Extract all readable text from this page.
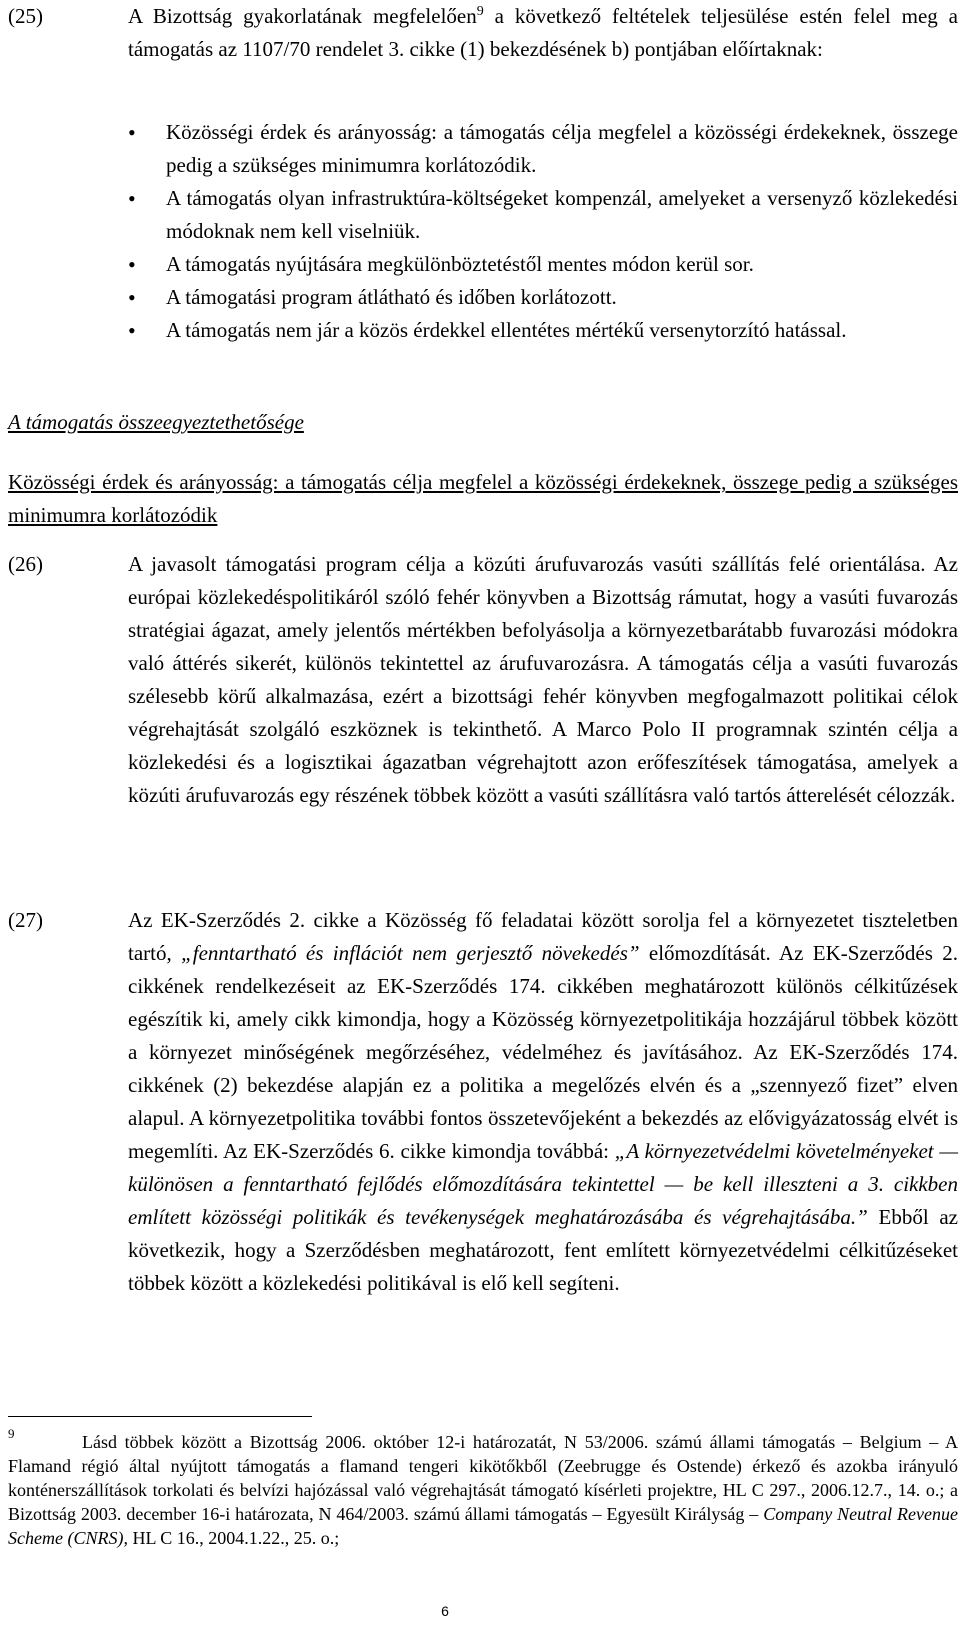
(25)	A Bizottság gyakorlatának megfelelően$^9$ a következő feltételek teljesülése estén felel meg a támogatás az 1107/70 rendelet 3. cikke (1) bekezdésének b) pontjában előírtaknak:

• Közösségi érdek és arányosság: a támogatás célja megfelel a közösségi érdekeknek, összege pedig a szükséges minimumra korlátozódik.
• A támogatás olyan infrastruktúra-költségeket kompenzál, amelyeket a versenyző közlekedési módoknak nem kell viselniük.
• A támogatás nyújtására megkülönböztetéstől mentes módon kerül sor.
• A támogatási program átlátható és időben korlátozott.
• A támogatás nem jár a közös érdekkel ellentétes mértékű versenytorzító hatással.
A támogatás összeegyeztethetősége
Közösségi érdek és arányosság: a támogatás célja megfelel a közösségi érdekeknek, összege pedig a szükséges minimumra korlátozódik
(26)	A javasolt támogatási program célja a közúti árufuvarozás vasúti szállítás felé orientálása. Az európai közlekedéspolitikáról szóló fehér könyvben a Bizottság rámutat, hogy a vasúti fuvarozás stratégiai ágazat, amely jelentős mértékben befolyásolja a környezetbarátabb fuvarozási módokra való áttérés sikerét, különös tekintettel az árufuvarozásra. A támogatás célja a vasúti fuvarozás szélesebb körű alkalmazása, ezért a bizottsági fehér könyvben megfogalmazott politikai célok végrehajtását szolgáló eszköznek is tekinthető. A Marco Polo II programnak szintén célja a közlekedési és a logisztikai ágazatban végrehajtott azon erőfeszítések támogatása, amelyek a közúti árufuvarozás egy részének többek között a vasúti szállításra való tartós átterelését célozzák.

(27)	Az EK-Szerződés 2. cikke a Közösség fő feladatai között sorolja fel a környezetet tiszteletben tartó, „fenntartható és inflációt nem gerjesztő növekedés” előmozdítását. Az EK-Szerződés 2. cikkének rendelkezéseit az EK-Szerződés 174. cikkében meghatározott különös célkitűzések egészítik ki, amely cikk kimondja, hogy a Közösség környezetpolitikája hozzájárul többek között a környezet minőségének megőrzéséhez, védelméhez és javításához. Az EK-Szerződés 174. cikkének (2) bekezdése alapján ez a politika a megelőzés elvén és a „szennyező fizet” elven alapul. A környezetpolitika további fontos összetevőjeként a bekezdés az elővigyázatosság elvét is megemlíti. Az EK-Szerződés 6. cikke kimondja továbbá: „A környezetvédelmi követelményeket — különösen a fenntartható fejlődés előmozdítására tekintettel — be kell illeszteni a 3. cikkben említett közösségi politikák és tevékenységek meghatározásába és végrehajtásába.” Ebből az következik, hogy a Szerződésben meghatározott, fent említett környezetvédelmi célkitűzéseket többek között a közlekedési politikával is elő kell segíteni.

9	Lásd többek között a Bizottság 2006. október 12-i határozatát, N 53/2006. számú állami támogatás – Belgium – A Flamand régió által nyújtott támogatás a flamand tengeri kikötőkből (Zeebrugge és Ostende) érkező és azokba irányuló konténerszállítások torkolati és belvízi hajózással való végrehajtását támogató kísérleti projektre, HL C 297., 2006.12.7., 14. o.; a Bizottság 2003. december 16-i határozata, N 464/2003. számú állami támogatás – Egyesült Királyság – Company Neutral Revenue Scheme (CNRS), HL C 16., 2004.1.22., 25. o.;
6
